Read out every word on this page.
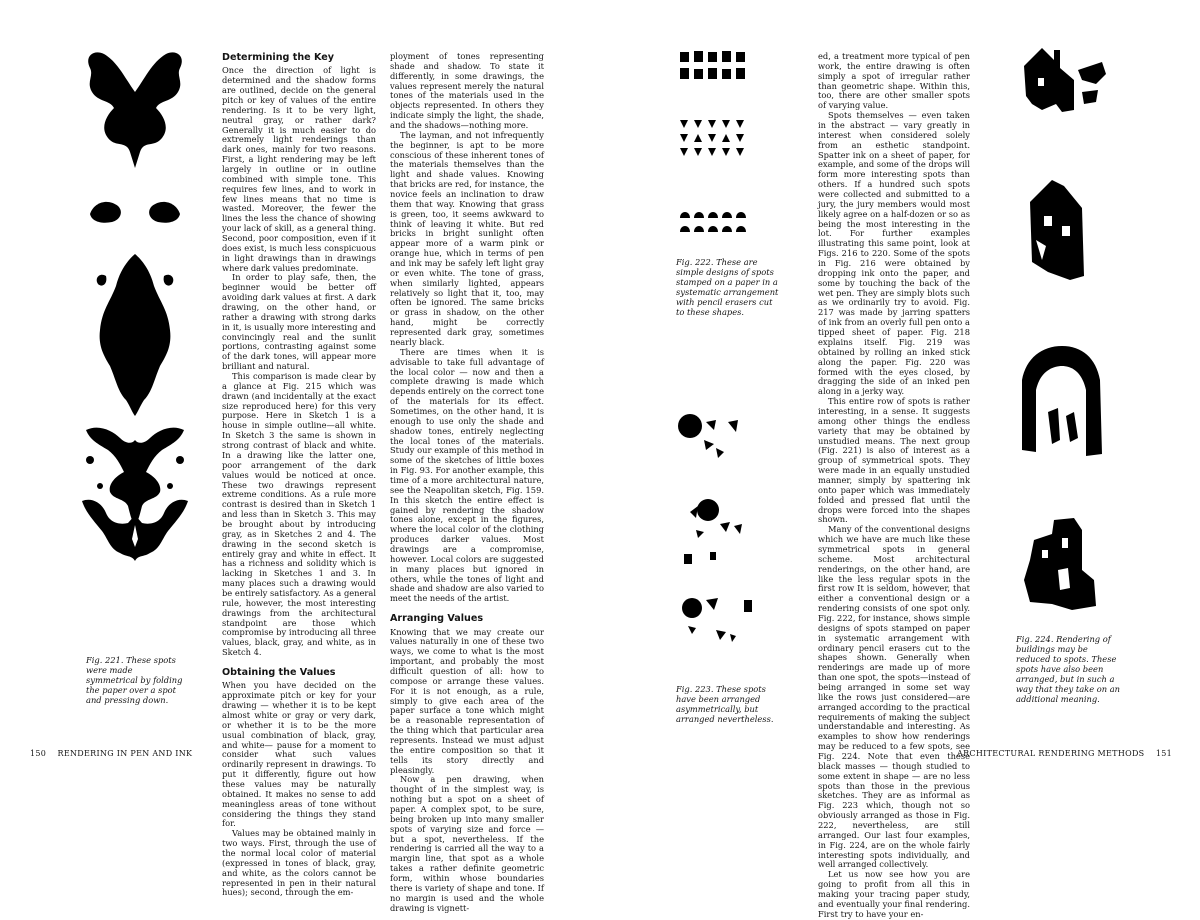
Fig. 221. These spots were made symmetrical by folding the paper over a spot and pressing down.
Determining the Key

Once the direction of light is determined and the shadow forms are outlined, decide on the general pitch or key of values of the entire rendering. Is it to be very light, neutral gray, or rather dark? Generally it is much easier to do extremely light renderings than dark ones, mainly for two reasons. First, a light rendering may be left largely in outline or in outline combined with simple tone. This requires few lines, and to work in few lines means that no time is wasted. Moreover, the fewer the lines the less the chance of showing your lack of skill, as a general thing. Second, poor composition, even if it does exist, is much less conspicuous in light drawings than in drawings where dark values predominate.

In order to play safe, then, the beginner would be better off avoiding dark values at first. A dark drawing, on the other hand, or rather a drawing with strong darks in it, is usually more interesting and convincingly real and the sunlit portions, contrasting against some of the dark tones, will appear more brilliant and natural.

This comparison is made clear by a glance at Fig. 215 which was drawn (and incidentally at the exact size reproduced here) for this very purpose. Here in Sketch 1 is a house in simple outline—all white. In Sketch 3 the same is shown in strong contrast of black and white. In a drawing like the latter one, poor arrangement of the dark values would be noticed at once. These two drawings represent extreme conditions. As a rule more contrast is desired than in Sketch 1 and less than in Sketch 3. This may be brought about by introducing gray, as in Sketches 2 and 4. The drawing in the second sketch is entirely gray and white in effect. It has a richness and solidity which is lacking in Sketches 1 and 3. In many places such a drawing would be entirely satisfactory. As a general rule, however, the most interesting drawings from the architectural standpoint are those which compromise by introducing all three values, black, gray, and white, as in Sketch 4.

Obtaining the Values

When you have decided on the approximate pitch or key for your drawing — whether it is to be kept almost white or gray or very dark, or whether it is to be the more usual combination of black, gray, and white— pause for a moment to consider what such values ordinarily represent in drawings. To put it differently, figure out how these values may be naturally obtained. It makes no sense to add meaningless areas of tone without considering the things they stand for.

Values may be obtained mainly in two ways. First, through the use of the normal local color of material (expressed in tones of black, gray, and white, as the colors cannot be represented in pen in their natural hues); second, through the em-

ployment of tones representing shade and shadow. To state it differently, in some drawings, the values represent merely the natural tones of the materials used in the objects represented. In others they indicate simply the light, the shade, and the shadows—nothing more.

The layman, and not infrequently the beginner, is apt to be more conscious of these inherent tones of the materials themselves than the light and shade values. Knowing that bricks are red, for instance, the novice feels an inclination to draw them that way. Knowing that grass is green, too, it seems awkward to think of leaving it white. But red bricks in bright sunlight often appear more of a warm pink or orange hue, which in terms of pen and ink may be safely left light gray or even white. The tone of grass, when similarly lighted, appears relatively so light that it, too, may often be ignored. The same bricks or grass in shadow, on the other hand, might be correctly represented dark gray, sometimes nearly black.

There are times when it is advisable to take full advantage of the local color — now and then a complete drawing is made which depends entirely on the correct tone of the materials for its effect. Sometimes, on the other hand, it is enough to use only the shade and shadow tones, entirely neglecting the local tones of the materials. Study our example of this method in some of the sketches of little boxes in Fig. 93. For another example, this time of a more architectural nature, see the Neapolitan sketch, Fig. 159. In this sketch the entire effect is gained by rendering the shadow tones alone, except in the figures, where the local color of the clothing produces darker values. Most drawings are a compromise, however. Local colors are suggested in many places but ignored in others, while the tones of light and shade and shadow are also varied to meet the needs of the artist.

Arranging Values

Knowing that we may create our values naturally in one of these two ways, we come to what is the most important, and probably the most difficult question of all: how to compose or arrange these values. For it is not enough, as a rule, simply to give each area of the paper surface a tone which might be a reasonable representation of the thing which that particular area represents. Instead we must adjust the entire composition so that it tells its story directly and pleasingly.

Now a pen drawing, when thought of in the simplest way, is nothing but a spot on a sheet of paper. A complex spot, to be sure, being broken up into many smaller spots of varying size and force — but a spot, nevertheless. If the rendering is carried all the way to a margin line, that spot as a whole takes a rather definite geometric form, within whose boundaries there is variety of shape and tone. If no margin is used and the whole drawing is vignett-

150 RENDERING IN PEN AND INK
Fig. 222. These are simple designs of spots stamped on a paper in a systematic arrangement with pencil erasers cut to these shapes.
Fig. 223. These spots have been arranged asymmetrically, but arranged nevertheless.

ed, a treatment more typical of pen work, the entire drawing is often simply a spot of irregular rather than geometric shape. Within this, too, there are other smaller spots of varying value.

Spots themselves — even taken in the abstract — vary greatly in interest when considered solely from an esthetic standpoint. Spatter ink on a sheet of paper, for example, and some of the drops will form more interesting spots than others. If a hundred such spots were collected and submitted to a jury, the jury members would most likely agree on a half-dozen or so as being the most interesting in the lot. For further examples illustrating this same point, look at Figs. 216 to 220. Some of the spots in Fig. 216 were obtained by dropping ink onto the paper, and some by touching the back of the wet pen. They are simply blots such as we ordinarily try to avoid. Fig. 217 was made by jarring spatters of ink from an overly full pen onto a tipped sheet of paper. Fig. 218 explains itself. Fig. 219 was obtained by rolling an inked stick along the paper. Fig. 220 was formed with the eyes closed, by dragging the side of an inked pen along in a jerky way.

This entire row of spots is rather interesting, in a sense. It suggests among other things the endless variety that may be obtained by unstudied means. The next group (Fig. 221) is also of interest as a group of symmetrical spots. They were made in an equally unstudied manner, simply by spattering ink onto paper which was immediately folded and pressed flat until the drops were forced into the shapes shown.

Many of the conventional designs which we have are much like these symmetrical spots in general scheme. Most architectural renderings, on the other hand, are like the less regular spots in the first row It is seldom, however, that either a conventional design or a rendering consists of one spot only. Fig. 222, for instance, shows simple designs of spots stamped on paper in systematic arrangement with ordinary pencil erasers cut to the shapes shown. Generally when renderings are made up of more than one spot, the spots—instead of being arranged in some set way like the rows just considered—are arranged according to the practical requirements of making the subject understandable and interesting. As examples to show how renderings may be reduced to a few spots, see Fig. 224. Note that even these black masses — though studied to some extent in shape — are no less spots than those in the previous sketches. They are as informal as Fig. 223 which, though not so obviously arranged as those in Fig. 222, nevertheless, are still arranged. Our last four examples, in Fig. 224, are on the whole fairly interesting spots individually, and well arranged collectively.

Let us now see how you are going to profit from all this in making your tracing paper study, and eventually your final rendering. First try to have your en-

Fig. 224. Rendering of buildings may be reduced to spots. These spots have also been arranged, but in such a way that they take on an additional meaning.
ARCHITECTURAL RENDERING METHODS 151
